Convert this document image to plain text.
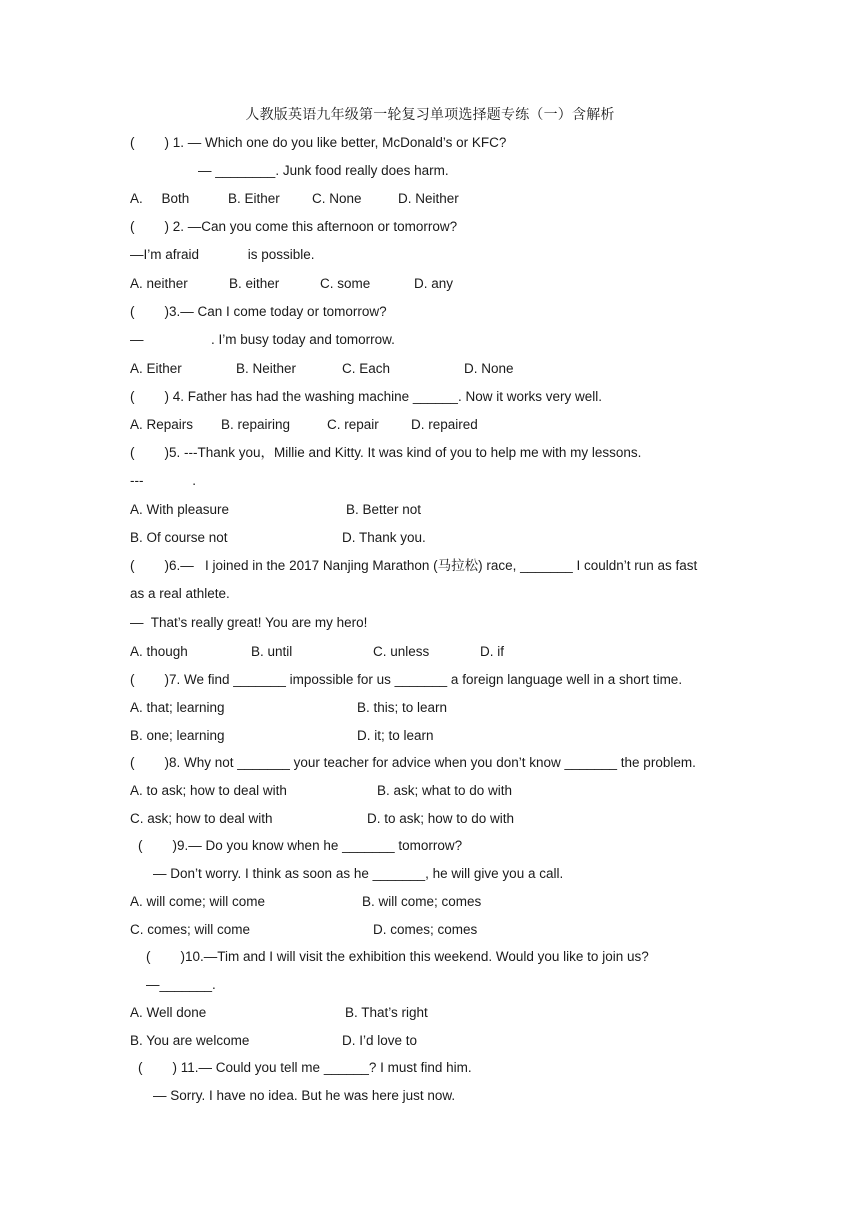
人教版英语九年级第一轮复习单项选择题专练（一）含解析
(        ) 1. — Which one do you like better, McDonald’s or KFC?
— ________. Junk food really does harm.
A.     Both	B. Either C. None	D. Neither
(        ) 2. —Can you come this afternoon or tomorrow?
—I’m afraid             is possible.
A. neither	B. either	C. some	D. any
(        )3.— Can I come today or tomorrow?
—                  . I’m busy today and tomorrow.
A. Either	B. Neither	C. Each	D. None
(        ) 4. Father has had the washing machine ______. Now it works very well.
A. Repairs B. repairing	C. repair D. repaired
(        )5. ---Thank you，Millie and Kitty. It was kind of you to help me with my lessons.
---             .
A. With pleasure	B. Better not
B. Of course not	D. Thank you.
(        )6.—   I joined in the 2017 Nanjing Marathon (马拉松) race, _______ I couldn’t run as fast
as a real athlete.
—  That’s really great! You are my hero!
A. though	B. until	C. unless	D. if
(        )7. We find _______ impossible for us _______ a foreign language well in a short time.
A. that; learning	B. this; to learn
B. one; learning	D. it; to learn
(        )8. Why not _______ your teacher for advice when you don’t know _______ the problem.
A. to ask; how to deal with	B. ask; what to do with
C. ask; how to deal with	D. to ask; how to do with
(        )9.— Do you know when he _______ tomorrow?
— Don’t worry. I think as soon as he _______, he will give you a call.
A. will come; will come	B. will come; comes
C. comes; will come	D. comes; comes
(        )10.—Tim and I will visit the exhibition this weekend. Would you like to join us?
—_______.
A. Well done	B. That’s right
B. You are welcome	D. I’d love to
(        ) 11.— Could you tell me ______? I must find him.
— Sorry. I have no idea. But he was here just now.
